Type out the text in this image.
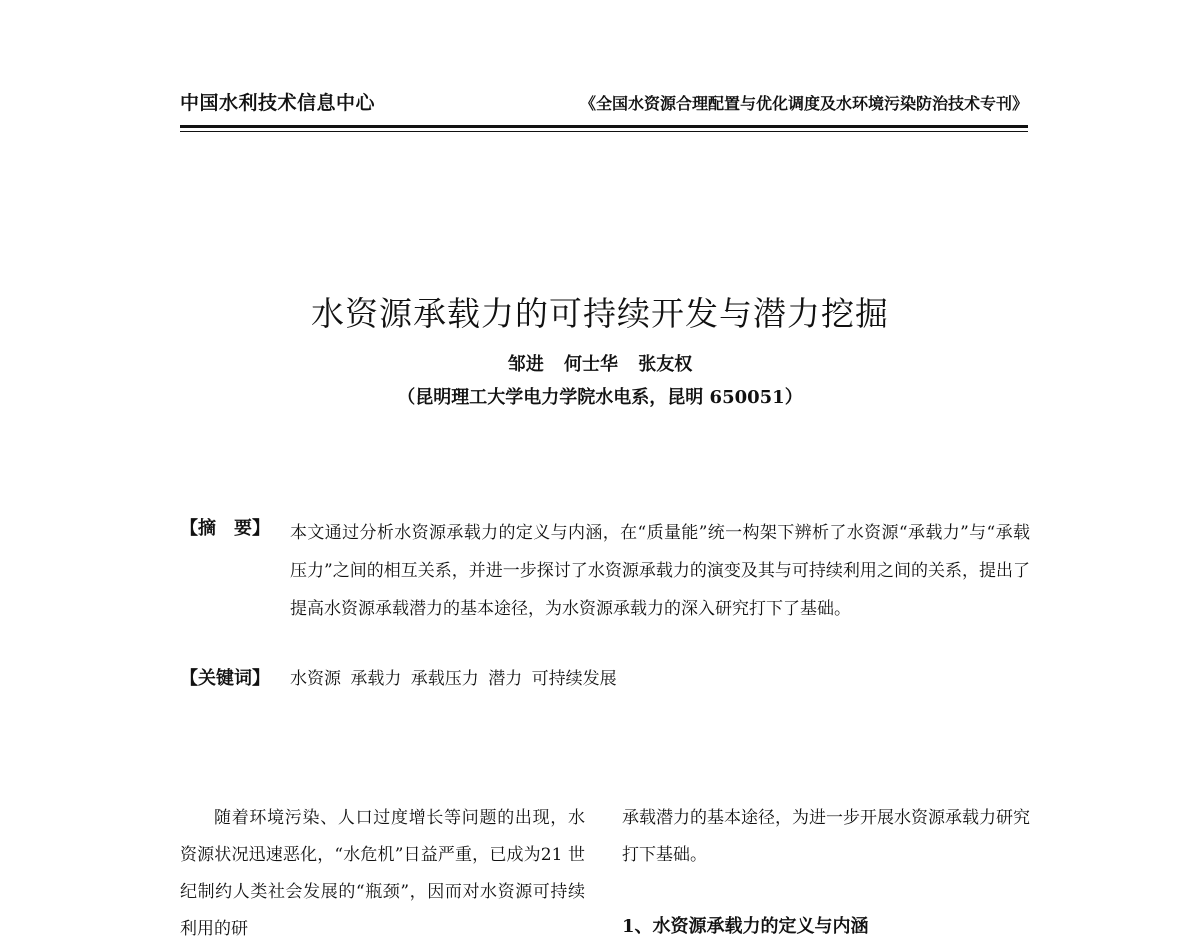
中国水利技术信息中心	《全国水资源合理配置与优化调度及水环境污染防治技术专刊》
水资源承载力的可持续开发与潜力挖掘
邹进 何士华 张友权
（昆明理工大学电力学院水电系，昆明 650051）
【摘　要】 本文通过分析水资源承载力的定义与内涵，在“质量能”统一构架下辨析了水资源“承载力”与“承载压力”之间的相互关系，并进一步探讨了水资源承载力的演变及其与可持续利用之间的关系，提出了提高水资源承载潜力的基本途径，为水资源承载力的深入研究打下了基础。
【关键词】 水资源 承载力 承载压力 潜力 可持续发展
随着环境污染、人口过度增长等问题的出现，水资源状况迅速恶化，“水危机”日益严重，已成为21 世纪制约人类社会发展的“瓶颈”，因而对水资源可持续利用的研
承载潜力的基本途径，为进一步开展水资源承载力研究打下基础。
1、水资源承载力的定义与内涵
